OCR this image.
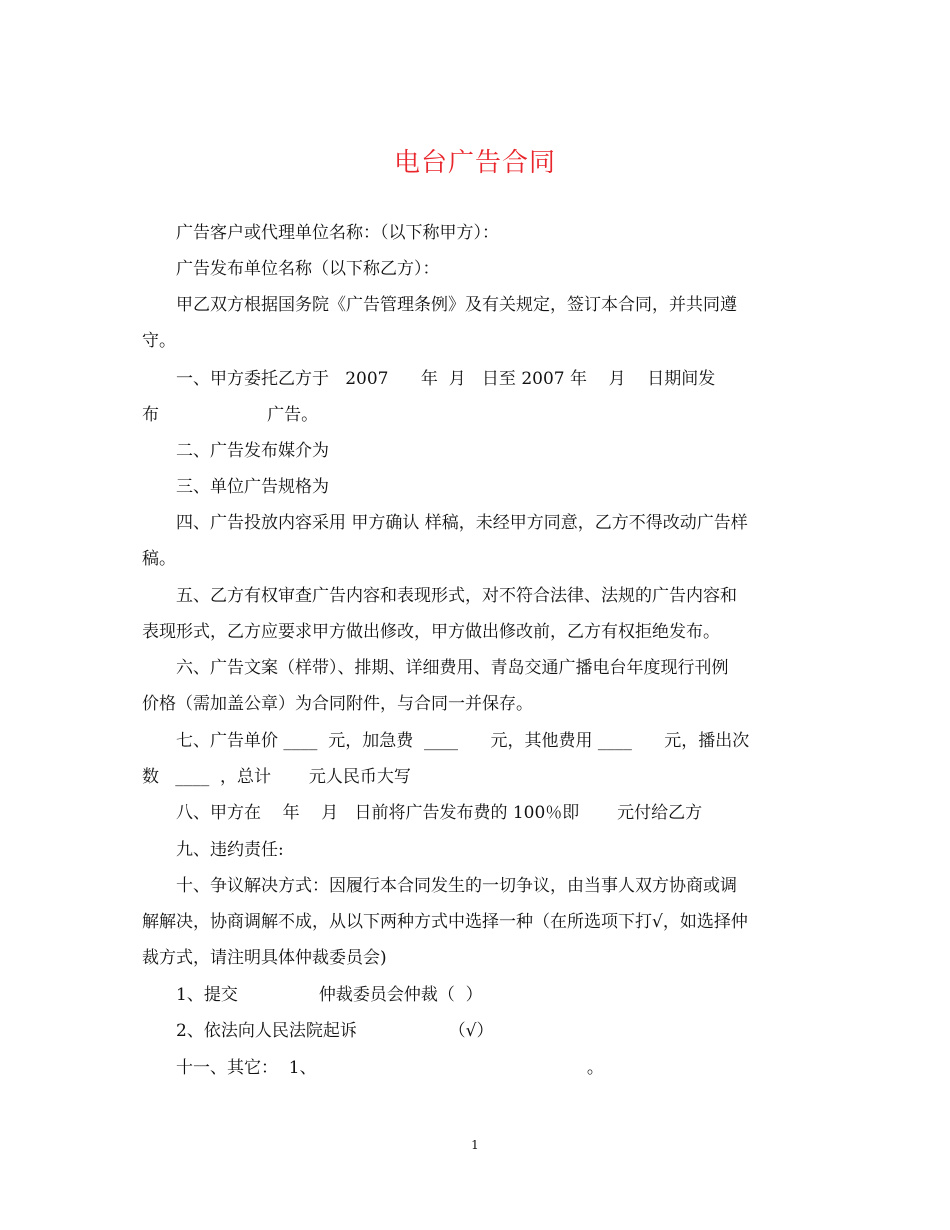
电台广告合同
广告客户或代理单位名称：（以下称甲方）：
广告发布单位名称（以下称乙方）：
甲乙双方根据国务院《广告管理条例》及有关规定，签订本合同，并共同遵
守。
一、甲方委托乙方于   2007      年  月   日至 2007 年    月    日期间发
布                    广告。
二、广告发布媒介为
三、单位广告规格为
四、广告投放内容采用 甲方确认 样稿，未经甲方同意，乙方不得改动广告样
稿。
五、乙方有权审查广告内容和表现形式，对不符合法律、法规的广告内容和
表现形式，乙方应要求甲方做出修改，甲方做出修改前，乙方有权拒绝发布。
六、广告文案（样带）、排期、详细费用、青岛交通广播电台年度现行刊例
价格（需加盖公章）为合同附件，与合同一并保存。
七、广告单价 ____  元，加急费  ____      元，其他费用 ____      元，播出次
数   ____  ，总计       元人民币大写
八、甲方在    年    月   日前将广告发布费的 100％即       元付给乙方
九、违约责任:
十、争议解决方式：因履行本合同发生的一切争议，由当事人双方协商或调
解解决，协商调解不成，从以下两种方式中选择一种（在所选项下打√，如选择仲
裁方式，请注明具体仲裁委员会)
1、提交               仲裁委员会仲裁（  ）
2、依法向人民法院起诉                 （√）
十一、其它：  1、                                                  。
1
